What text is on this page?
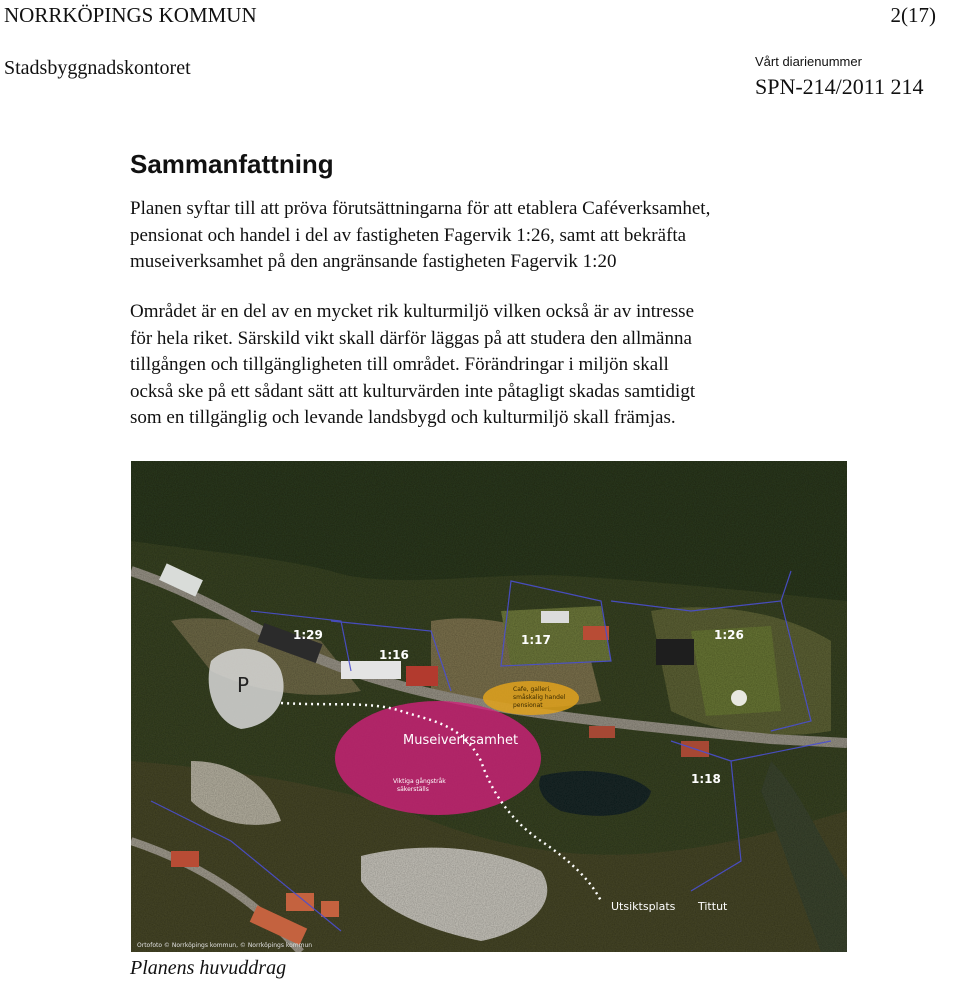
NORRKÖPINGS KOMMUN	2(17)
Stadsbyggnadskontoret	Vårt diarienummer
SPN-214/2011 214
Sammanfattning

Planen syftar till att pröva förutsättningarna för att etablera Caféverksamhet,
pensionat och handel i del av fastigheten Fagervik 1:26, samt att bekräfta
museiverksamhet på den angränsande fastigheten Fagervik 1:20

Området är en del av en mycket rik kulturmiljö vilken också är av intresse
för hela riket. Särskild vikt skall därför läggas på att studera den allmänna
tillgången och tillgängligheten till området. Förändringar i miljön skall
också ske på ett sådant sätt att kulturvärden inte påtagligt skadas samtidigt
som en tillgänglig och levande landsbygd och kulturmiljö skall främjas.

1:29
1:16
1:17	1:26
1:18
P	Cafe, galleri,
småskalig handel
pensionat
Museiverksamhet
Viktiga gångstråk
säkerställs
Utsiktsplats Tittut
Ortofoto © Norrköpings kommun, © Norrköpings kommun
Planens huvuddrag
